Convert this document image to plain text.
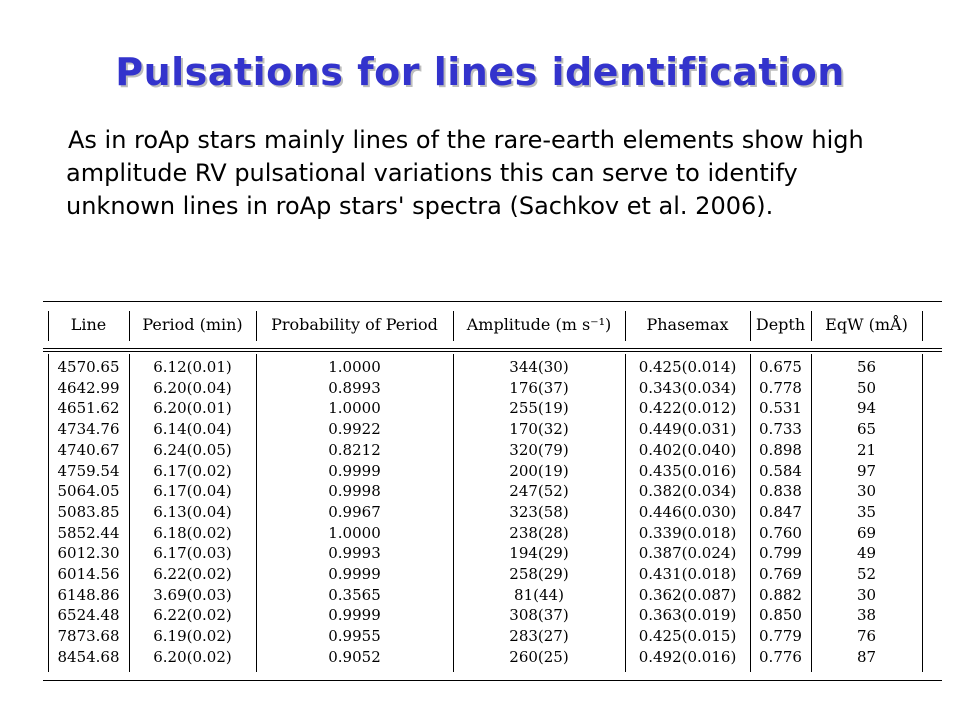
Pulsations for lines identification
As in roAp stars mainly lines of the rare-earth elements show high amplitude RV pulsational variations this can serve to identify unknown lines in roAp stars' spectra (Sachkov et al. 2006).
Line	Period (min)	Probability of Period	Amplitude (m s⁻¹)	Phasemax	Depth	EqW (mÅ)
4570.65	6.12(0.01)	1.0000	344(30)	0.425(0.014)	0.675	56
4642.99	6.20(0.04)	0.8993	176(37)	0.343(0.034)	0.778	50
4651.62	6.20(0.01)	1.0000	255(19)	0.422(0.012)	0.531	94
4734.76	6.14(0.04)	0.9922	170(32)	0.449(0.031)	0.733	65
4740.67	6.24(0.05)	0.8212	320(79)	0.402(0.040)	0.898	21
4759.54	6.17(0.02)	0.9999	200(19)	0.435(0.016)	0.584	97
5064.05	6.17(0.04)	0.9998	247(52)	0.382(0.034)	0.838	30
5083.85	6.13(0.04)	0.9967	323(58)	0.446(0.030)	0.847	35
5852.44	6.18(0.02)	1.0000	238(28)	0.339(0.018)	0.760	69
6012.30	6.17(0.03)	0.9993	194(29)	0.387(0.024)	0.799	49
6014.56	6.22(0.02)	0.9999	258(29)	0.431(0.018)	0.769	52
6148.86	3.69(0.03)	0.3565	81(44)	0.362(0.087)	0.882	30
6524.48	6.22(0.02)	0.9999	308(37)	0.363(0.019)	0.850	38
7873.68	6.19(0.02)	0.9955	283(27)	0.425(0.015)	0.779	76
8454.68	6.20(0.02)	0.9052	260(25)	0.492(0.016)	0.776	87
